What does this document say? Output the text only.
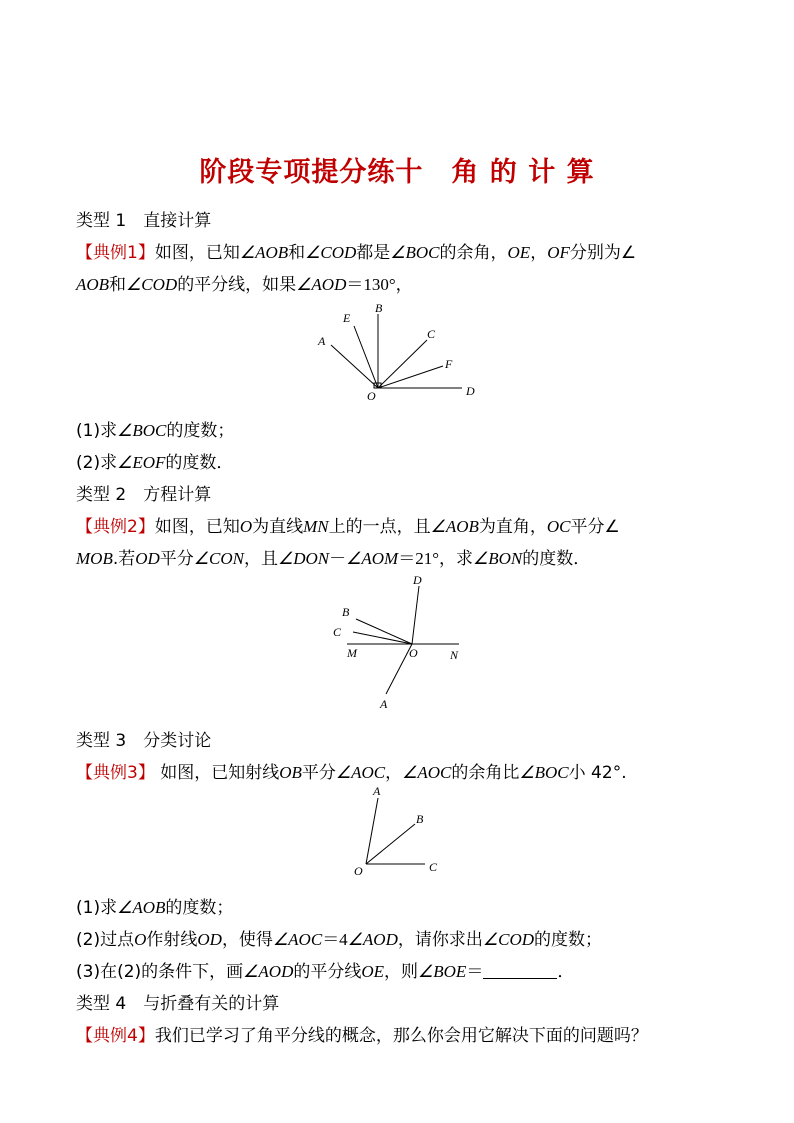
阶段专项提分练十　角 的 计 算
类型 1　直接计算
【典例1】如图，已知∠AOB和∠COD都是∠BOC的余角，OE，OF分别为∠
AOB和∠COD的平分线，如果∠AOD＝130°，
A
E
B
C
F
D
O
(1)求∠BOC的度数；
(2)求∠EOF的度数．
类型 2　方程计算
【典例2】如图，已知O为直线MN上的一点，且∠AOB为直角，OC平分∠
MOB.若OD平分∠CON，且∠DON－∠AOM＝21°，求∠BON的度数．
D
B
C
M	O	N
A
类型 3　分类讨论
【典例3】 如图，已知射线OB平分∠AOC，∠AOC的余角比∠BOC小 42°.
A
B
O	C
(1)求∠AOB的度数；
(2)过点O作射线OD，使得∠AOC＝4∠AOD，请你求出∠COD的度数；
(3)在(2)的条件下，画∠AOD的平分线OE，则∠BOE＝	．
类型 4　与折叠有关的计算
【典例4】我们已学习了角平分线的概念，那么你会用它解决下面的问题吗？
